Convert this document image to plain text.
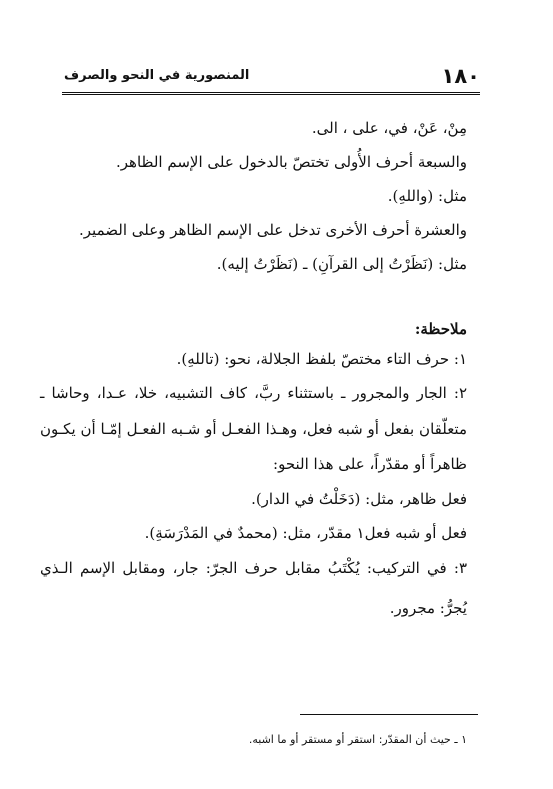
١٨٠
المنصورية في النحو والصرف
مِنْ، عَنْ، في، على ، الى.
والسبعة أحرف الأُولى تختصّ بالدخول على الإسم الظاهر.
مثل: (واللهِ).
والعشرة أحرف الأخرى تدخل على الإسم الظاهر وعلى الضمير.
مثل: (نَظَرْتُ إلى القرآنِ) ـ (نَظَرْتُ إليه).
ملاحظة:
١: حرف التاء مختصّ بلفظ الجلالة، نحو: (تاللهِ).
٢: الجار والمجرور ـ باستثناء ربَّ، كاف التشبيه، خلا، عـدا، وحاشا ـ
متعلّقان بفعل أو شبه فعل، وهـذا الفعـل أو شـبه الفعـل إمّـا أن يكـون
ظاهراً أو مقدّراً، على هذا النحو:
فعل ظاهر، مثل: (دَخَلْتُ في الدار).
فعل أو شبه فعل١ مقدّر، مثل: (محمدٌ في المَدْرَسَةِ).
٣: في التركيب: يُكْتَبُ مقابل حرف الجرّ: جار، ومقابل الإسم الـذي
يُجرُّ: مجرور.
١ ـ حيث أن المقدّر: استقر أو مستقر أو ما اشبه.
